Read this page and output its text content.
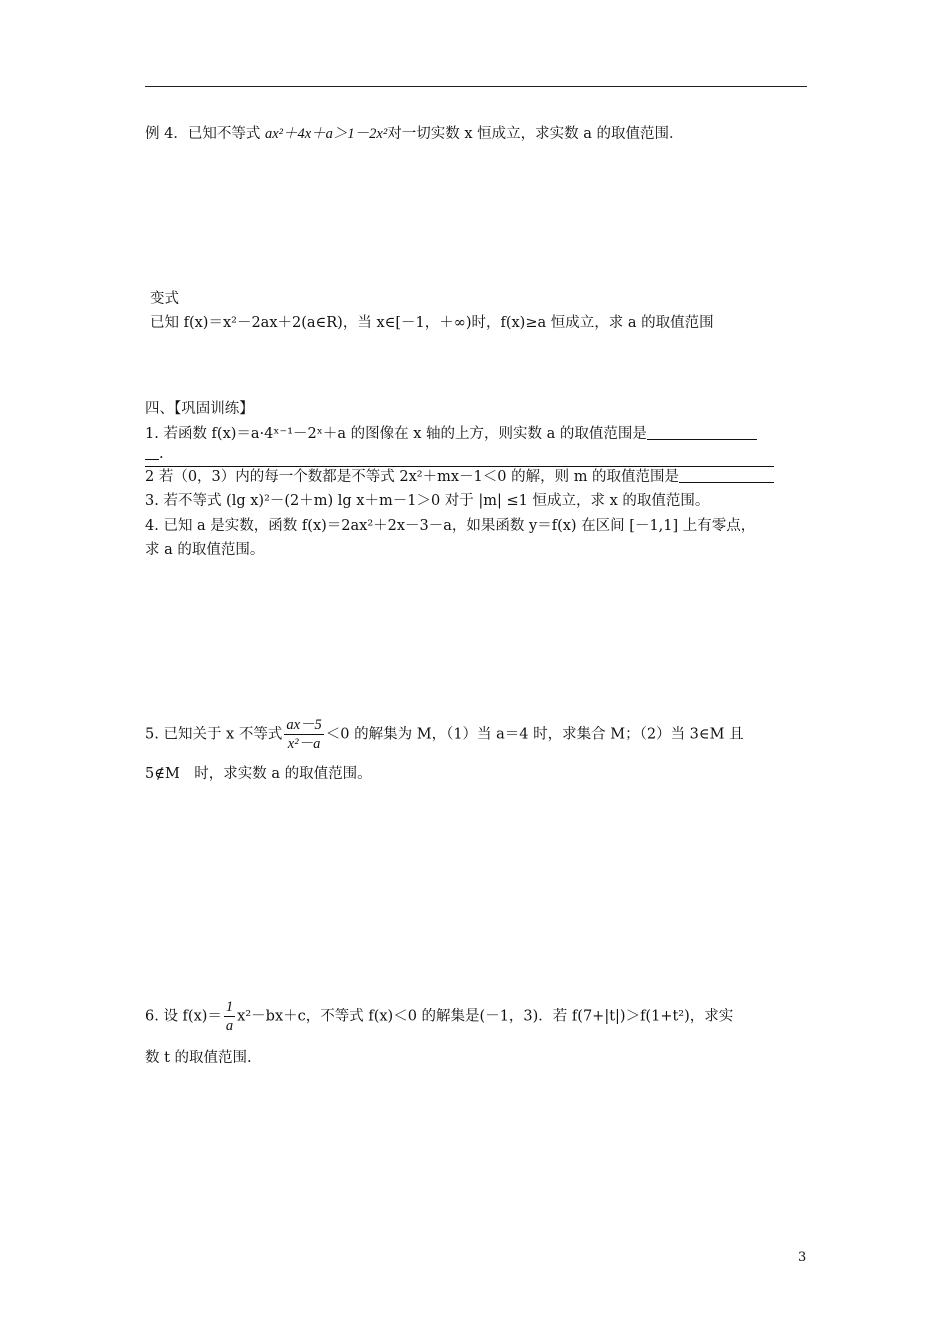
例 4．已知不等式 ax²＋4x＋a＞1－2x²对一切实数 x 恒成立，求实数 a 的取值范围．
变式
已知 f(x)＝x²－2ax＋2(a∈R)，当 x∈[－1，＋∞)时，f(x)≥a 恒成立，求 a 的取值范围
四、【巩固训练】
1. 若函数 f(x)＝a·4ˣ⁻¹－2ˣ＋a 的图像在 x 轴的上方，则实数 a 的取值范围是
.
2 若（0，3）内的每一个数都是不等式 2x²＋mx－1＜0 的解，则 m 的取值范围是
3. 若不等式 (lg x)²－(2＋m) lg x＋m－1＞0 对于 |m| ≤1 恒成立，求 x 的取值范围。
4. 已知 a 是实数，函数 f(x)＝2ax²＋2x－3－a，如果函数 y＝f(x) 在区间 [－1,1] 上有零点，
求 a 的取值范围。
5. 已知关于 x 不等式 $\frac{ax-5}{\text{x²－a}} <0$ 的解集为 M，（1）当 a＝4 时，求集合 M；（2）当 3∈M 且
5∉M　时，求实数 a 的取值范围。
6. 设 $f(x)= \frac{1}{a} x^2-bx+c$，不等式 f(x)＜0 的解集是(－1，3)．若 f(7+|t|)＞f(1+t²)，求实
数 t 的取值范围.
3
